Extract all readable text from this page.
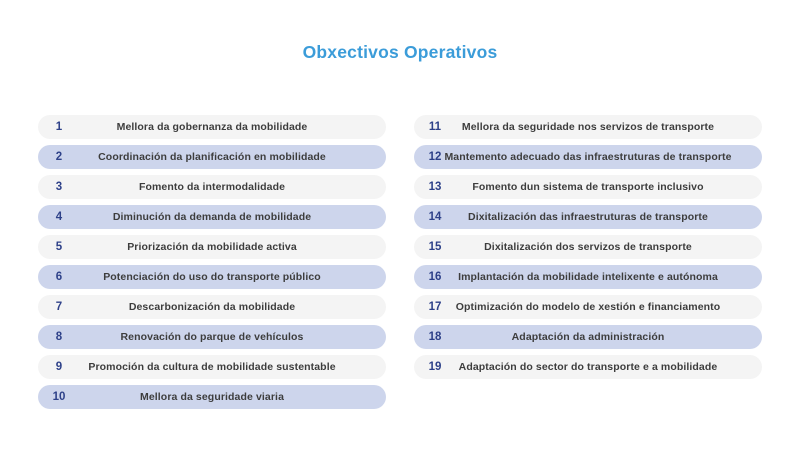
Obxectivos Operativos
1	Mellora da gobernanza da mobilidade
2	Coordinación da planificación en mobilidade
3	Fomento da intermodalidade
4	Diminución da demanda de mobilidade
5	Priorización da mobilidade activa
6	Potenciación do uso do transporte público
7	Descarbonización da mobilidade
8	Renovación do parque de vehículos
9	Promoción da cultura de mobilidade sustentable
10	Mellora da seguridade viaria
11	Mellora da seguridade nos servizos de transporte
12 Mantemento adecuado das infraestruturas de transporte
13	Fomento dun sistema de transporte inclusivo
14	Dixitalización das infraestruturas de transporte
15	Dixitalización dos servizos de transporte
16	Implantación da mobilidade intelixente e autónoma
17	Optimización do modelo de xestión e financiamento
18	Adaptación da administración
19	Adaptación do sector do transporte e a mobilidade
